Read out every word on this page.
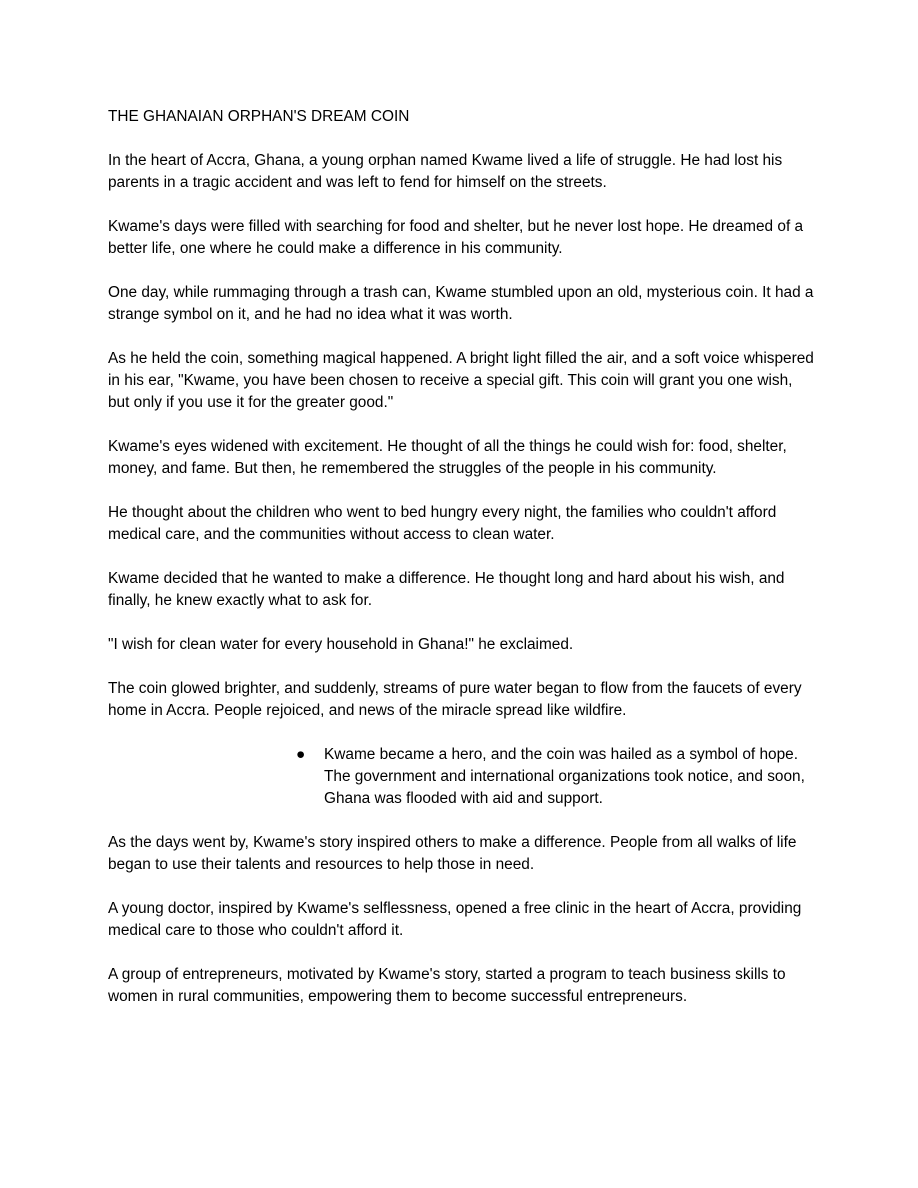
THE GHANAIAN ORPHAN'S DREAM COIN

In the heart of Accra, Ghana, a young orphan named Kwame lived a life of struggle. He had lost his parents in a tragic accident and was left to fend for himself on the streets.

Kwame's days were filled with searching for food and shelter, but he never lost hope. He dreamed of a better life, one where he could make a difference in his community.

One day, while rummaging through a trash can, Kwame stumbled upon an old, mysterious coin. It had a strange symbol on it, and he had no idea what it was worth.

As he held the coin, something magical happened. A bright light filled the air, and a soft voice whispered in his ear, "Kwame, you have been chosen to receive a special gift. This coin will grant you one wish, but only if you use it for the greater good."

Kwame's eyes widened with excitement. He thought of all the things he could wish for: food, shelter, money, and fame. But then, he remembered the struggles of the people in his community.

He thought about the children who went to bed hungry every night, the families who couldn't afford medical care, and the communities without access to clean water.

Kwame decided that he wanted to make a difference. He thought long and hard about his wish, and finally, he knew exactly what to ask for.

"I wish for clean water for every household in Ghana!" he exclaimed.

The coin glowed brighter, and suddenly, streams of pure water began to flow from the faucets of every home in Accra. People rejoiced, and news of the miracle spread like wildfire.

● Kwame became a hero, and the coin was hailed as a symbol of hope. The government and international organizations took notice, and soon, Ghana was flooded with aid and support.

As the days went by, Kwame's story inspired others to make a difference. People from all walks of life began to use their talents and resources to help those in need.

A young doctor, inspired by Kwame's selflessness, opened a free clinic in the heart of Accra, providing medical care to those who couldn't afford it.

A group of entrepreneurs, motivated by Kwame's story, started a program to teach business skills to women in rural communities, empowering them to become successful entrepreneurs.
